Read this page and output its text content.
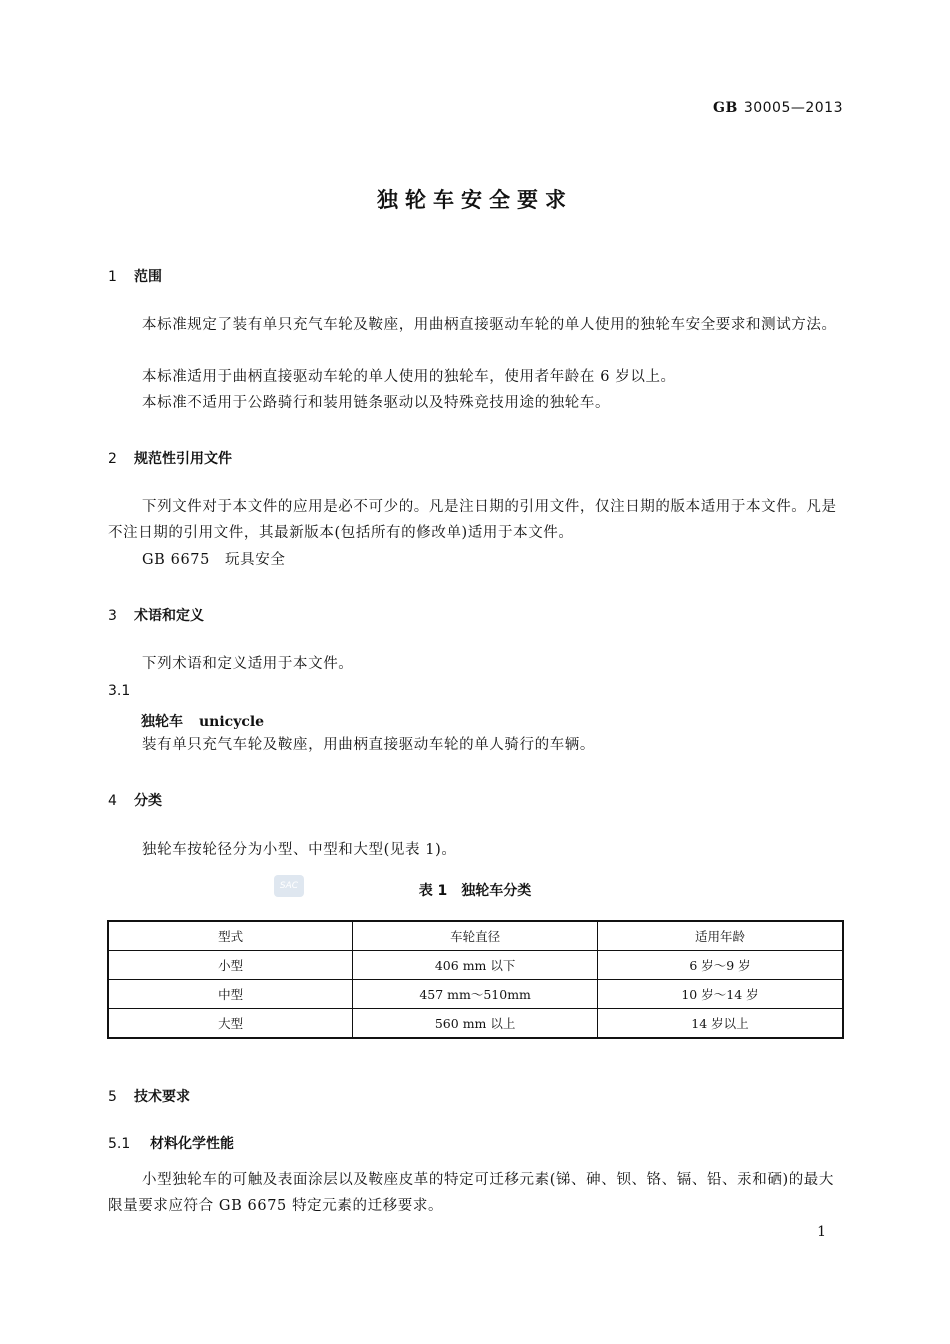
GB 30005—2013
独轮车安全要求
1 范围
本标准规定了装有单只充气车轮及鞍座，用曲柄直接驱动车轮的单人使用的独轮车安全要求和测试方法。
本标准适用于曲柄直接驱动车轮的单人使用的独轮车，使用者年龄在 6 岁以上。
本标准不适用于公路骑行和装用链条驱动以及特殊竞技用途的独轮车。
2 规范性引用文件
下列文件对于本文件的应用是必不可少的。凡是注日期的引用文件，仅注日期的版本适用于本文件。凡是不注日期的引用文件，其最新版本(包括所有的修改单)适用于本文件。
GB 6675　玩具安全
3 术语和定义
下列术语和定义适用于本文件。
3.1
独轮车 unicycle
装有单只充气车轮及鞍座，用曲柄直接驱动车轮的单人骑行的车辆。
4 分类
独轮车按轮径分为小型、中型和大型(见表 1)。
SAC	表 1 独轮车分类
型式	车轮直径	适用年龄
小型	406 mm 以下	6 岁～9 岁
中型	457 mm～510mm	10 岁～14 岁
大型	560 mm 以上	14 岁以上
5 技术要求
5.1 材料化学性能
小型独轮车的可触及表面涂层以及鞍座皮革的特定可迁移元素(锑、砷、钡、铬、镉、铅、汞和硒)的最大限量要求应符合 GB 6675 特定元素的迁移要求。
1
